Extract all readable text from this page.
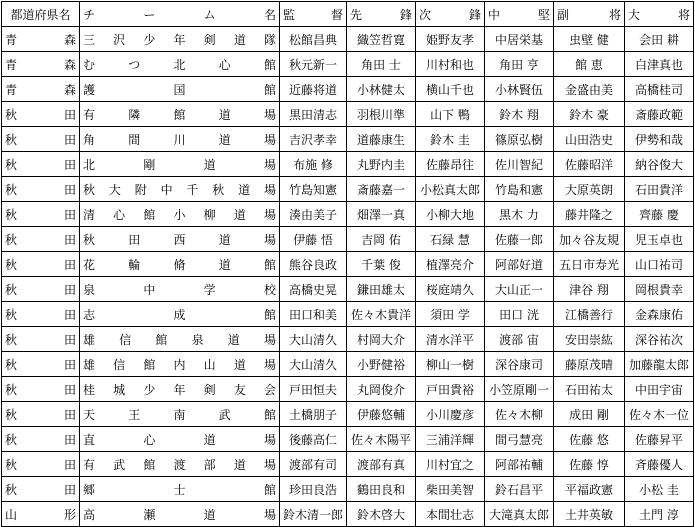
都道府県名	チ ー ム 名	監 督	先 鋒	次 鋒	中 堅	副 将	大 将
青森	三沢少年剣道隊	松館昌典	織笠哲寛	姫野友孝	中居栄基	虫壁 健	会田 耕
青森	むつ北心館	秋元新一	角田 士	川村和也	角田 亨	館 恵	白津真也
青森	護国館	近藤将道	小林健太	横山千也	小林賢伍	金盛由美	高橋桂司
秋田	有隣館道場	黒田清志	羽根川準	山下 鴨	鈴木 翔	鈴木 豪	斎藤政範
秋田	角間川道場	吉沢孝幸	道藤康生	鈴木 圭	篠原弘樹	山田浩史	伊勢和哉
秋田	北剛道場	布施 修	丸野内圭	佐藤昂往	佐川智紀	佐藤昭洋	納谷俊大
秋田	秋大附中千秋道場	竹島知憲	斎藤嘉一	小松真太郎	竹島和憲	大原英朗	石田貴洋
秋田	清心館小柳道場	湊由美子	畑澤一真	小柳大地	黒木 力	藤井隆之	齊藤 慶
秋田	秋田西道場	伊藤 悟	吉岡 佑	石緑 慧	佐藤一郎	加々谷友規	児玉卓也
秋田	花輪脩道館	熊谷良政	千葉 俊	植澤亮介	阿部好道	五日市寿光	山口祐司
秋田	泉中学校	高橋史晃	鎌田雄太	桜庭靖久	大山正一	津谷 翔	岡根貴幸
秋田	志成館	田口和美	佐々木貴洋	須田 学	田口 洸	江橋善行	金森康佑
秋田	雄信館泉道場	大山清久	村岡大介	清水洋平	渡部 宙	安田崇紘	深谷祐次
秋田	雄信館内山道場	大山清久	小野健裕	柳山一樹	深谷康司	藤原茂晴	加藤龍太郎
秋田	桂城少年剣友会	戸田恒夫	丸岡俊介	戸田貴裕	小笠原剛一	石田祐太	中田宇宙
秋田	天王南武館	土橋朋子	伊藤悠輔	小川慶彦	佐々木柳	成田 剛	佐々木一位
秋田	直心道場	後藤高仁	佐々木陽平	三浦洋輝	間弓慧亮	佐藤 悠	佐藤昇平
秋田	有武館渡部道場	渡部有司	渡部有真	川村宜之	阿部祐輔	佐藤 惇	斉藤優人
秋田	郷士館	珍田良浩	鶴田良和	柴田美智	鈴石昌平	平福政憲	小松 圭
山形	高瀬道場	鈴木清一郎	鈴木啓大	本間壮志	大滝真太郎	土井英敏	土門 淳
